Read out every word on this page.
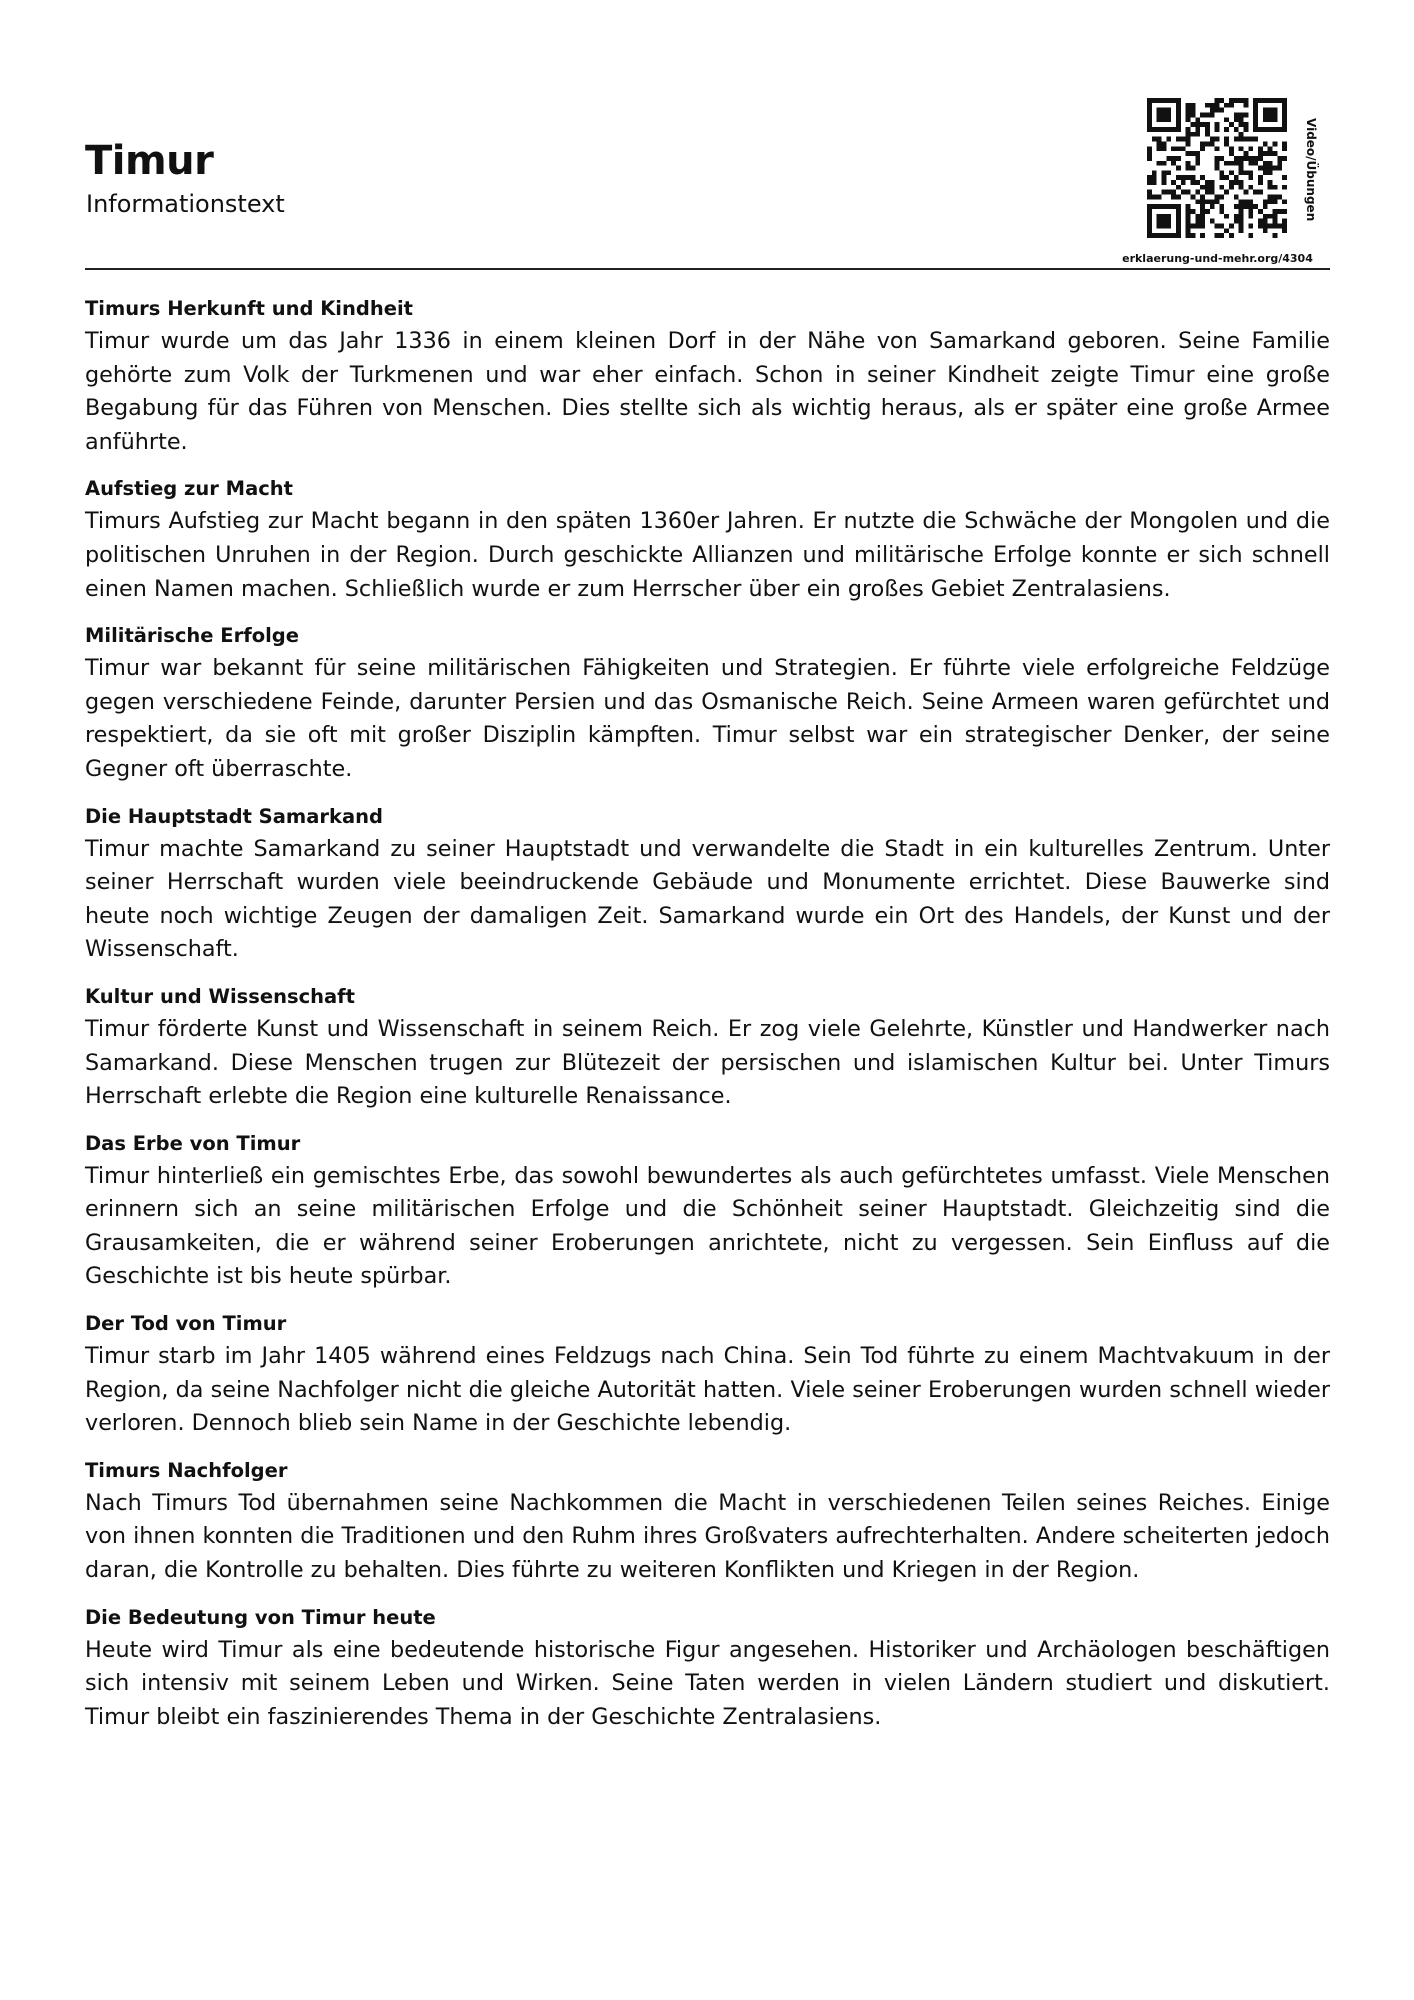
Timur
Informationstext
erklaerung-und-mehr.org/4304
Video/Übungen
Timurs Herkunft und Kindheit

Timur wurde um das Jahr 1336 in einem kleinen Dorf in der Nähe von Samarkand geboren. Seine Familie gehörte zum Volk der Turkmenen und war eher einfach. Schon in seiner Kindheit zeigte Timur eine große Begabung für das Führen von Menschen. Dies stellte sich als wichtig heraus, als er später eine große Armee anführte.

Aufstieg zur Macht

Timurs Aufstieg zur Macht begann in den späten 1360er Jahren. Er nutzte die Schwäche der Mongolen und die politischen Unruhen in der Region. Durch geschickte Allianzen und militärische Erfolge konnte er sich schnell einen Namen machen. Schließlich wurde er zum Herrscher über ein großes Gebiet Zentralasiens.

Militärische Erfolge

Timur war bekannt für seine militärischen Fähigkeiten und Strategien. Er führte viele erfolgreiche Feldzüge gegen verschiedene Feinde, darunter Persien und das Osmanische Reich. Seine Armeen waren gefürchtet und respektiert, da sie oft mit großer Disziplin kämpften. Timur selbst war ein strategischer Denker, der seine Gegner oft überraschte.

Die Hauptstadt Samarkand

Timur machte Samarkand zu seiner Hauptstadt und verwandelte die Stadt in ein kulturelles Zentrum. Unter seiner Herrschaft wurden viele beeindruckende Gebäude und Monumente errichtet. Diese Bauwerke sind heute noch wichtige Zeugen der damaligen Zeit. Samarkand wurde ein Ort des Handels, der Kunst und der Wissenschaft.

Kultur und Wissenschaft

Timur förderte Kunst und Wissenschaft in seinem Reich. Er zog viele Gelehrte, Künstler und Handwerker nach Samarkand. Diese Menschen trugen zur Blütezeit der persischen und islamischen Kultur bei. Unter Timurs Herrschaft erlebte die Region eine kulturelle Renaissance.

Das Erbe von Timur

Timur hinterließ ein gemischtes Erbe, das sowohl bewundertes als auch gefürchtetes umfasst. Viele Menschen erinnern sich an seine militärischen Erfolge und die Schönheit seiner Hauptstadt. Gleichzeitig sind die Grausamkeiten, die er während seiner Eroberungen anrichtete, nicht zu vergessen. Sein Einfluss auf die Geschichte ist bis heute spürbar.

Der Tod von Timur

Timur starb im Jahr 1405 während eines Feldzugs nach China. Sein Tod führte zu einem Machtvakuum in der Region, da seine Nachfolger nicht die gleiche Autorität hatten. Viele seiner Eroberungen wurden schnell wieder verloren. Dennoch blieb sein Name in der Geschichte lebendig.

Timurs Nachfolger

Nach Timurs Tod übernahmen seine Nachkommen die Macht in verschiedenen Teilen seines Reiches. Einige von ihnen konnten die Traditionen und den Ruhm ihres Großvaters aufrechterhalten. Andere scheiterten jedoch daran, die Kontrolle zu behalten. Dies führte zu weiteren Konflikten und Kriegen in der Region.

Die Bedeutung von Timur heute

Heute wird Timur als eine bedeutende historische Figur angesehen. Historiker und Archäologen beschäftigen sich intensiv mit seinem Leben und Wirken. Seine Taten werden in vielen Ländern studiert und diskutiert. Timur bleibt ein faszinierendes Thema in der Geschichte Zentralasiens.
